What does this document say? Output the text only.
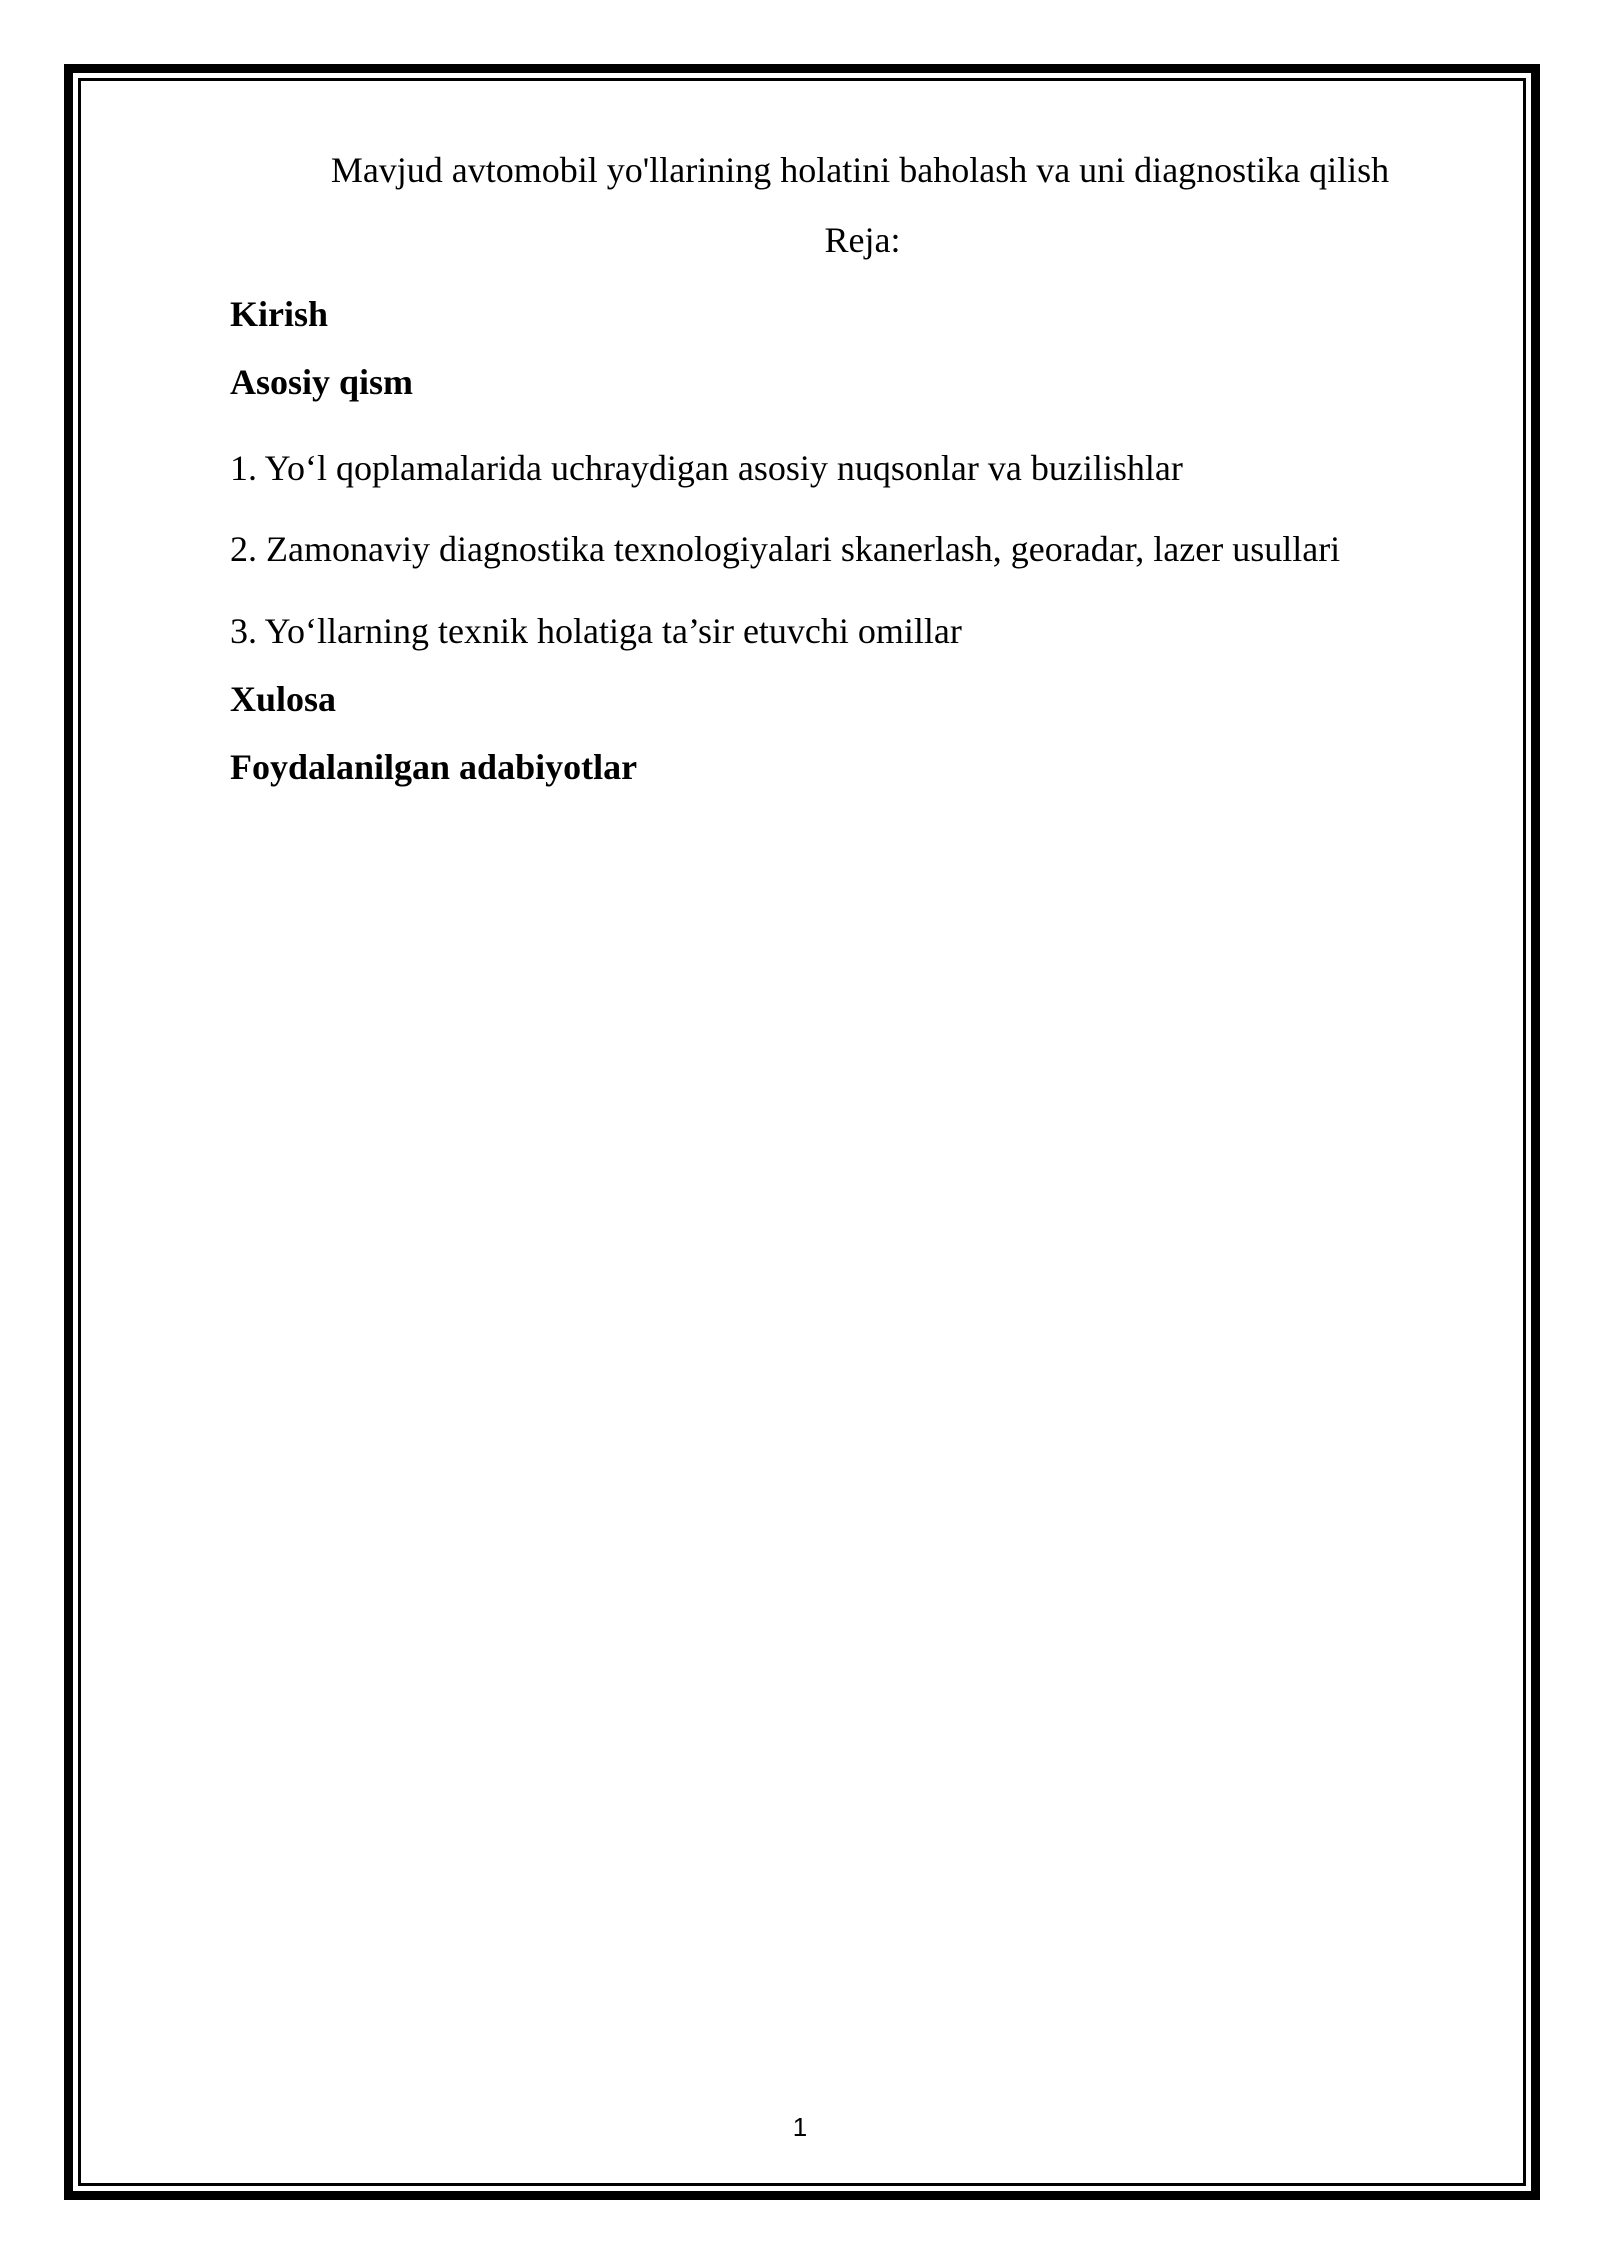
Mavjud avtomobil yo'llarining holatini baholash va uni diagnostika qilish
Reja:
Kirish
Asosiy qism
1. Yo‘l qoplamalarida uchraydigan asosiy nuqsonlar va buzilishlar
2. Zamonaviy diagnostika texnologiyalari skanerlash, georadar, lazer usullari
3. Yo‘llarning texnik holatiga ta’sir etuvchi omillar
Xulosa
Foydalanilgan adabiyotlar
1
